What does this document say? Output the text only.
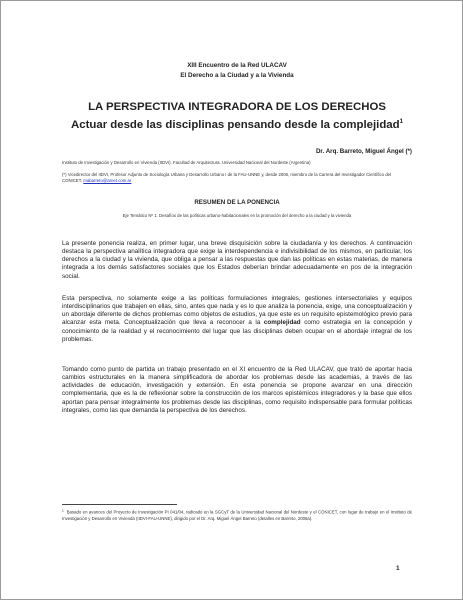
XIII Encuentro de la Red ULACAV
El Derecho a la Ciudad y a la Vivienda
LA PERSPECTIVA INTEGRADORA DE LOS DERECHOS
Actuar desde las disciplinas pensando desde la complejidad$^1$
Dr. Arq. Barreto, Miguel Ángel (*)
Instituto de Investigación y Desarrollo en Vivienda (IIDVI). Facultad de Arquitectura. Universidad Nacional del Nordeste (Argentina)
(*) Vicedirector del IIDVI, Profesor Adjunto de Sociología Urbana y Desarrollo Urbano I de la FAU-UNNE y, desde 2006, miembro de la Carrera del Investigador Científico del CONICET. mabarreto@arnet.com.ar
RESUMEN DE LA PONENCIA
Eje Temático Nº 1. Desafíos de las políticas urbano-habitacionales en la promoción del derecho a la ciudad y la vivienda
La presente ponencia realiza, en primer lugar, una breve disquisición sobre la ciudadanía y los derechos. A continuación destaca la perspectiva analítica integradora que exige la interdependencia e indivisibilidad de los mismos, en particular, los derechos a la ciudad y la vivienda, que obliga a pensar a las respuestas que dan las políticas en estas materias, de manera integrada a los demás satisfactores sociales que los Estados deberían brindar adecuadamente en pos de la integración social.
Esta perspectiva, no solamente exige a las políticas formulaciones integrales, gestiones intersectoriales y equipos interdisciplinarios que trabajen en ellas, sino, antes que nada y es lo que analiza la ponencia, exige, una conceptualización y un abordaje diferente de dichos problemas como objetos de estudios, ya que este es un requisito epistemológico previo para alcanzar esta meta. Conceptualización que lleva a reconocer a la complejidad como estrategia en la concepción y conocimiento de la realidad y el reconocimiento del lugar que las disciplinas deben ocupar en el abordaje integral de los problemas.
Tomando como punto de partida un trabajo presentado en el XI encuentro de la Red ULACAV, que trató de aportar hacia cambios estructurales en la manera simplificadora de abordar los problemas desde las academias, a través de las actividades de educación, investigación y extensión. En esta ponencia se propone avanzar en una dirección complementaria, que es la de reflexionar sobre la construcción de los marcos epistémicos integradores y la base que ellos aportan para pensar integralmente los problemas desde las disciplinas, como requisito indispensable para formular políticas integrales, como las que demanda la perspectiva de los derechos.
$^1$ Basado en avances del Proyecto de Investigación PI 041/04, radicado en la SGCyT de la Universidad Nacional del Nordeste y el CONICET, con lugar de trabajo en el Instituto de Investigación y Desarrollo en Vivienda (IIDVI-FAU-UNNE), dirigido por el Dr. Arq. Miguel Ángel Barreto (detalles en Barreto, 2006a).
1
